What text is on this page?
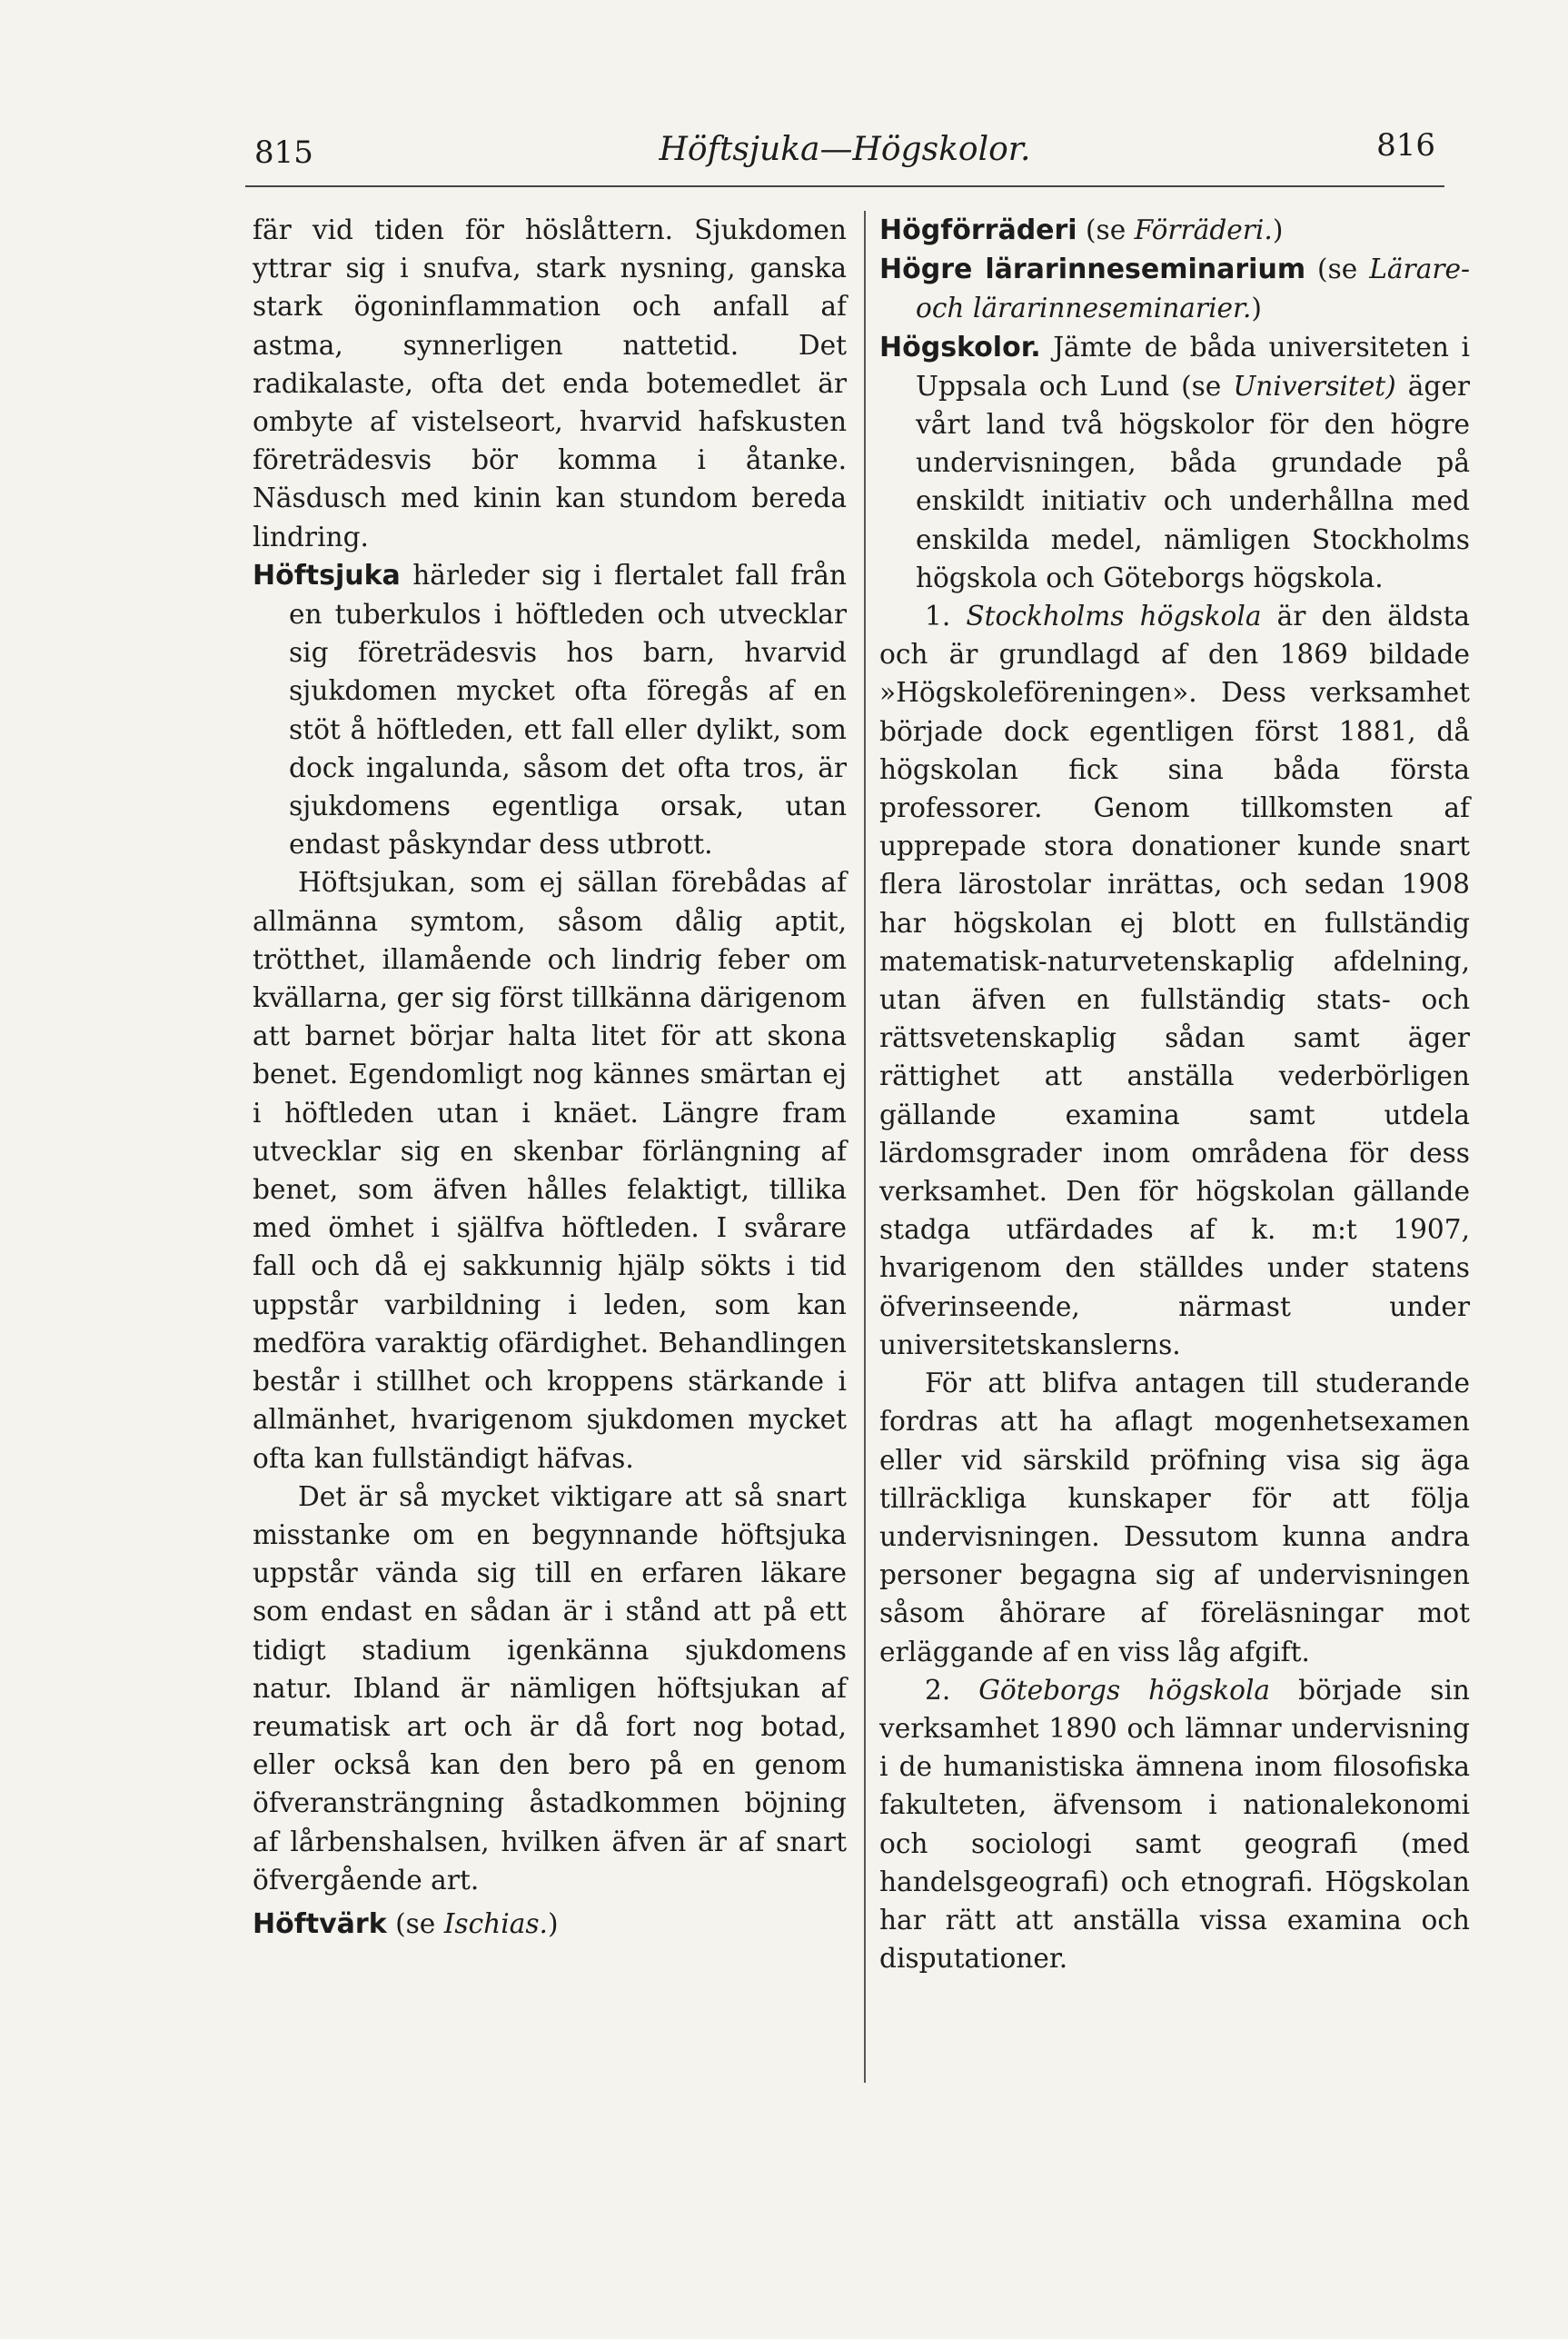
815	Höftsjuka—Högskolor.	816

fär vid tiden för höslåttern. Sjukdomen yttrar sig i snufva, stark nysning, ganska stark ögoninflammation och anfall af astma, synnerligen nattetid. Det radikalaste, ofta det enda botemedlet är ombyte af vistelseort, hvarvid hafskusten företrädesvis bör komma i åtanke. Näsdusch med kinin kan stundom bereda lindring.

Höftsjuka härleder sig i flertalet fall från en tuberkulos i höftleden och utvecklar sig företrädesvis hos barn, hvarvid sjukdomen mycket ofta föregås af en stöt å höftleden, ett fall eller dylikt, som dock ingalunda, såsom det ofta tros, är sjukdomens egentliga orsak, utan endast påskyndar dess utbrott.

Höftsjukan, som ej sällan förebådas af allmänna symtom, såsom dålig aptit, trötthet, illamående och lindrig feber om kvällarna, ger sig först tillkänna därigenom att barnet börjar halta litet för att skona benet. Egendomligt nog kännes smärtan ej i höftleden utan i knäet. Längre fram utvecklar sig en skenbar förlängning af benet, som äfven hålles felaktigt, tillika med ömhet i själfva höftleden. I svårare fall och då ej sakkunnig hjälp sökts i tid uppstår varbildning i leden, som kan medföra varaktig ofärdighet. Behandlingen består i stillhet och kroppens stärkande i allmänhet, hvarigenom sjukdomen mycket ofta kan fullständigt häfvas.

Det är så mycket viktigare att så snart misstanke om en begynnande höftsjuka uppstår vända sig till en erfaren läkare som endast en sådan är i stånd att på ett tidigt stadium igenkänna sjukdomens natur. Ibland är nämligen höftsjukan af reumatisk art och är då fort nog botad, eller också kan den bero på en genom öfveransträngning åstadkommen böjning af lårbenshalsen, hvilken äfven är af snart öfvergående art.

Höftvärk (se Ischias.)

Högförräderi (se Förräderi.)

Högre lärarinneseminarium (se Lärare- och lärarinneseminarier.)

Högskolor. Jämte de båda universiteten i Uppsala och Lund (se Universitet) äger vårt land två högskolor för den högre undervisningen, båda grundade på enskildt initiativ och underhållna med enskilda medel, nämligen Stockholms högskola och Göteborgs högskola.

1. Stockholms högskola är den äldsta och är grundlagd af den 1869 bildade »Högskoleföreningen». Dess verksamhet började dock egentligen först 1881, då högskolan fick sina båda första professorer. Genom tillkomsten af upprepade stora donationer kunde snart flera lärostolar inrättas, och sedan 1908 har högskolan ej blott en fullständig matematisk-naturvetenskaplig afdelning, utan äfven en fullständig stats- och rättsvetenskaplig sådan samt äger rättighet att anställa vederbörligen gällande examina samt utdela lärdomsgrader inom områdena för dess verksamhet. Den för högskolan gällande stadga utfärdades af k. m:t 1907, hvarigenom den ställdes under statens öfverinseende, närmast under universitetskanslerns.

För att blifva antagen till studerande fordras att ha aflagt mogenhetsexamen eller vid särskild pröfning visa sig äga tillräckliga kunskaper för att följa undervisningen. Dessutom kunna andra personer begagna sig af undervisningen såsom åhörare af föreläsningar mot erläggande af en viss låg afgift.

2. Göteborgs högskola började sin verksamhet 1890 och lämnar undervisning i de humanistiska ämnena inom filosofiska fakulteten, äfvensom i nationalekonomi och sociologi samt geografi (med handelsgeografi) och etnografi. Högskolan har rätt att anställa vissa examina och disputationer.
